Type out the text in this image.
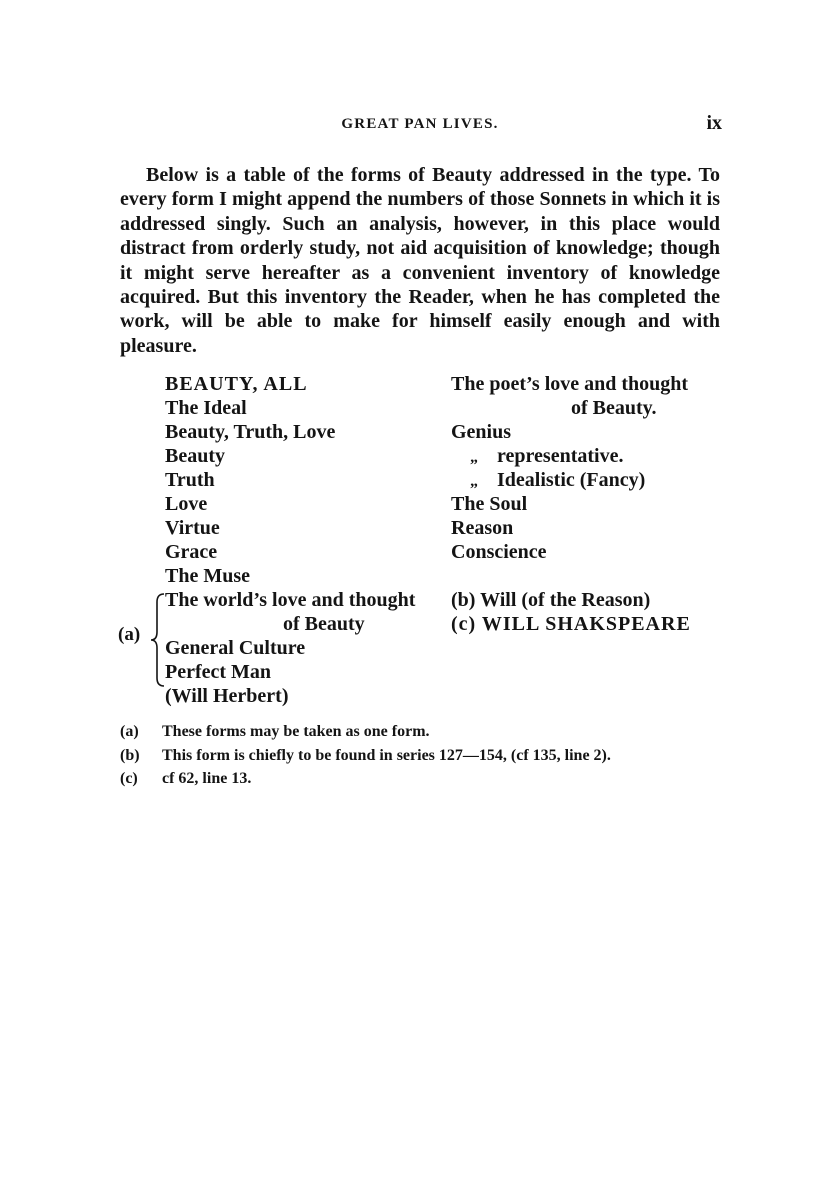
GREAT PAN LIVES.	ix

Below is a table of the forms of Beauty addressed in the type. To every form I might append the numbers of those Sonnets in which it is addressed singly. Such an analysis, however, in this place would distract from orderly study, not aid acquisition of knowledge; though it might serve hereafter as a convenient inventory of knowledge acquired. But this inventory the Reader, when he has completed the work, will be able to make for himself easily enough and with pleasure.

BEAUTY, ALL
The Ideal
Beauty, Truth, Love
Beauty
Truth
Love
Virtue
Grace
The Muse
The world’s love and thought
of Beauty
General Culture
Perfect Man
(Will Herbert)
(a)
The poet’s love and thought
of Beauty.
Genius
„ representative.
„ Idealistic (Fancy)
The Soul
Reason
Conscience
(b) Will (of the Reason)
(c) WILL SHAKSPEARE
(a) These forms may be taken as one form.
(b) This form is chiefly to be found in series 127—154, (cf 135, line 2).
(c) cf 62, line 13.
